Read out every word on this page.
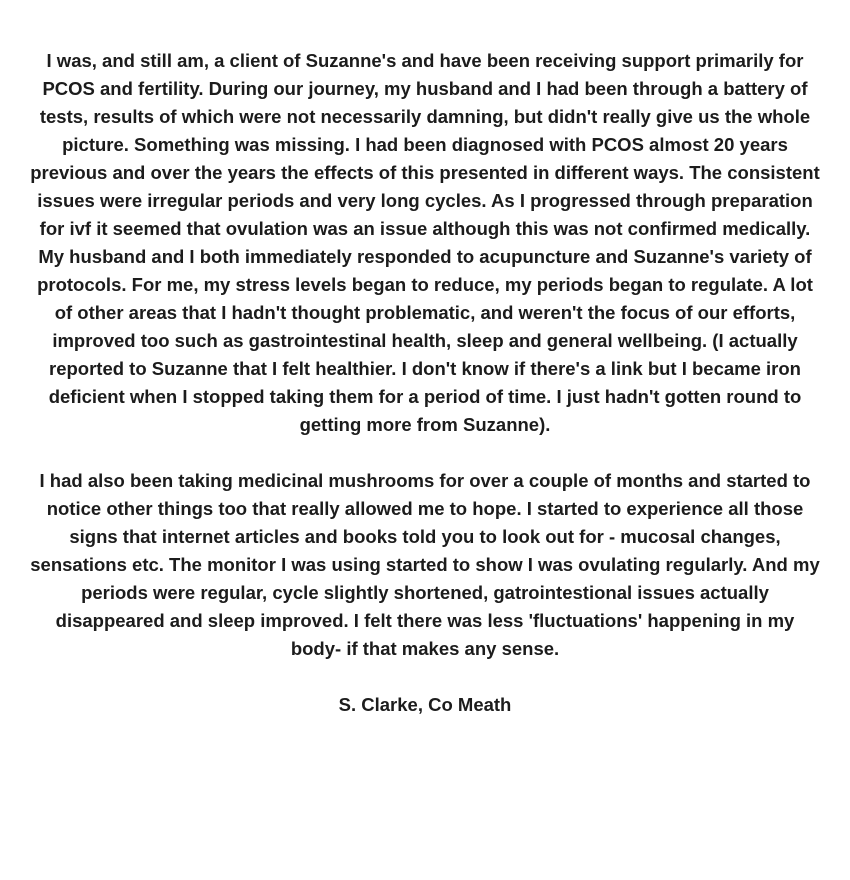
I was, and still am, a client of Suzanne's and have been receiving support primarily for PCOS and fertility. During our journey, my husband and I had been through a battery of tests, results of which were not necessarily damning, but didn't really give us the whole picture. Something was missing. I had been diagnosed with PCOS almost 20 years previous and over the years the effects of this presented in different ways. The consistent issues were irregular periods and very long cycles. As I progressed through preparation for ivf it seemed that ovulation was an issue although this was not confirmed medically.

My husband and I both immediately responded to acupuncture and Suzanne's variety of protocols. For me, my stress levels began to reduce, my periods began to regulate. A lot of other areas that I hadn't thought problematic, and weren't the focus of our efforts, improved too such as gastrointestinal health, sleep and general wellbeing. (I actually reported to Suzanne that I felt healthier. I don't know if there's a link but I became iron deficient when I stopped taking them for a period of time. I just hadn't gotten round to getting more from Suzanne).

I had also been taking medicinal mushrooms for over a couple of months and started to notice other things too that really allowed me to hope. I started to experience all those signs that internet articles and books told you to look out for - mucosal changes, sensations etc. The monitor I was using started to show I was ovulating regularly. And my periods were regular, cycle slightly shortened, gatrointestional issues actually disappeared and sleep improved. I felt there was less 'fluctuations' happening in my body- if that makes any sense.

S. Clarke, Co Meath
